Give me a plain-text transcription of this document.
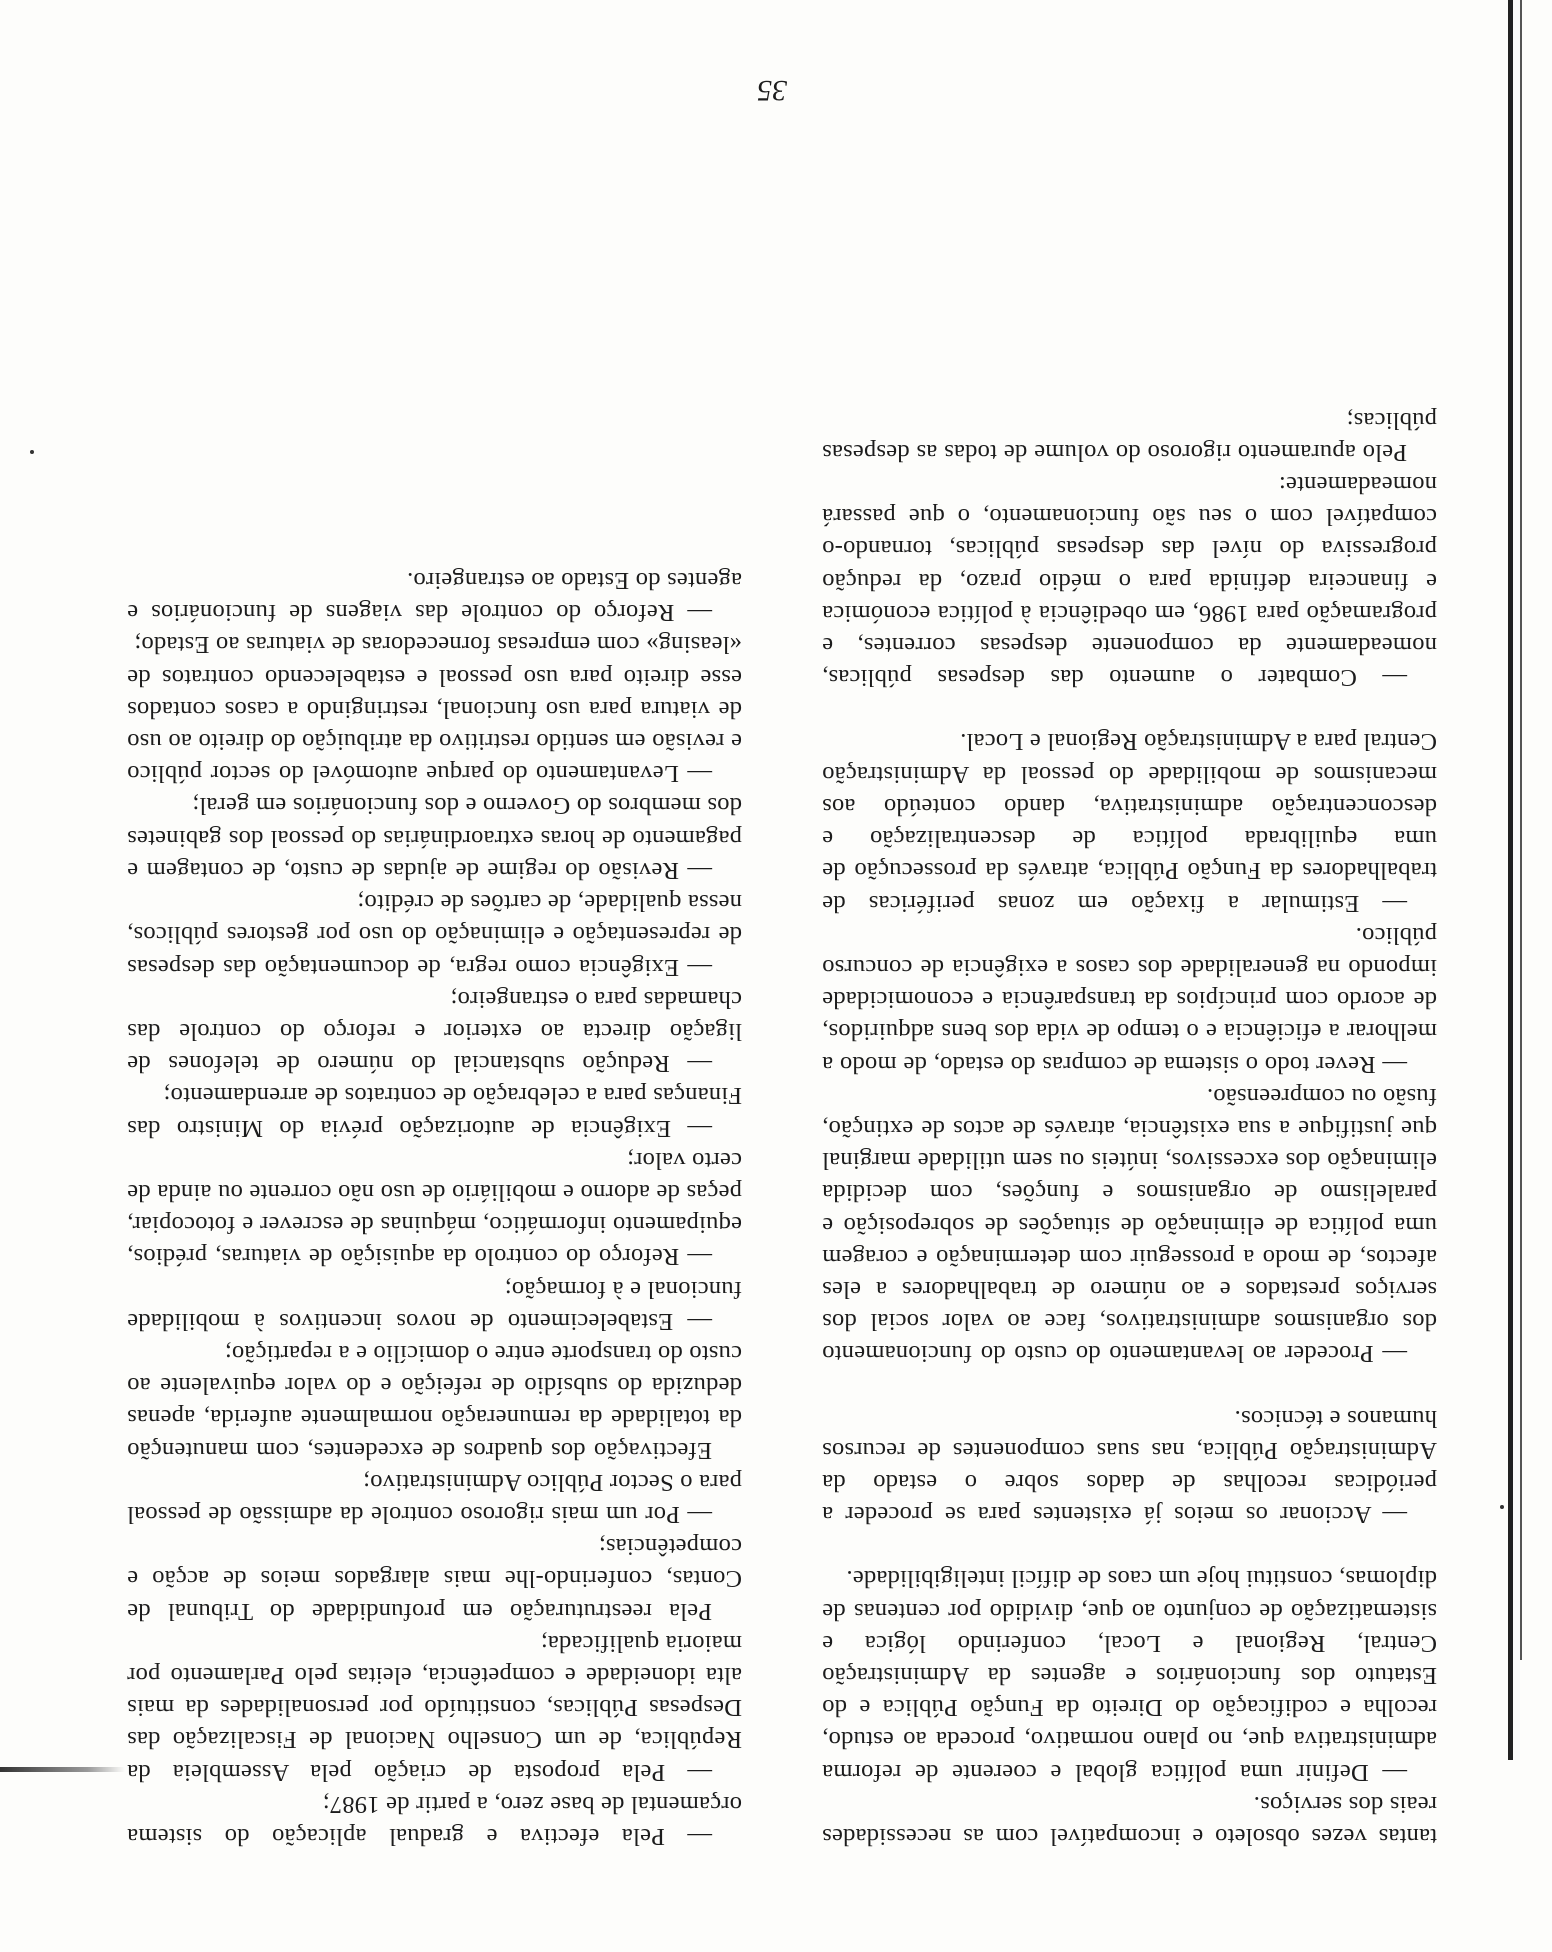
35

tantas vezes obsoleto e incompatível com as necessidades reais dos serviços.

— Definir uma política global e coerente de reforma administrativa que, no plano normativo, proceda ao estudo, recolha e codificação do Direito da Função Pública e do Estatuto dos funcionários e agentes da Administração Central, Regional e Local, conferindo lógica e sistematização de conjunto ao que, dividido por centenas de diplomas, constitui hoje um caos de difícil inteligibilidade.

— Accionar os meios já existentes para se proceder a periódicas recolhas de dados sobre o estado da Administração Pública, nas suas componentes de recursos humanos e técnicos.

— Proceder ao levantamento do custo do funcionamento dos organismos administrativos, face ao valor social dos serviços prestados e ao número de trabalhadores a eles afectos, de modo a prosseguir com determinação e coragem uma política de eliminação de situações de sobreposição e paralelismo de organismos e funções, com decidida eliminação dos excessivos, inúteis ou sem utilidade marginal que justifique a sua existência, através de actos de extinção, fusão ou compreensão.

— Rever todo o sistema de compras do estado, de modo a melhorar a eficiência e o tempo de vida dos bens adquiridos, de acordo com princípios da transparência e economicidade impondo na generalidade dos casos a exigência de concurso público.

— Estimular a fixação em zonas periféricas de trabalhadores da Função Pública, através da prossecução de uma equilibrada política de descentralização e desconcentração administrativa, dando conteúdo aos mecanismos de mobilidade do pessoal da Administração Central para a Administração Regional e Local.

— Combater o aumento das despesas públicas, nomeadamente da componente despesas correntes, e programação para 1986, em obediência à política económica e financeira definida para o médio prazo, da redução progressiva do nível das despesas públicas, tornando-o compatível com o seu são funcionamento, o que passará nomeadamente:

Pelo apuramento rigoroso do volume de todas as despesas públicas;

— Pela efectiva e gradual aplicação do sistema orçamental de base zero, a partir de 1987;

— Pela proposta de criação pela Assembleia da República, de um Conselho Nacional de Fiscalização das Despesas Públicas, constituído por personalidades da mais alta idoneidade e competência, eleitas pelo Parlamento por maioria qualificada;

Pela reestruturação em profundidade do Tribunal de Contas, conferindo-lhe mais alargados meios de acção e competências;

— Por um mais rigoroso controle da admissão de pessoal para o Sector Público Administrativo;

Efectivação dos quadros de excedentes, com manutenção da totalidade da remuneração normalmente auferida, apenas deduzida do subsídio de refeição e do valor equivalente ao custo do transporte entre o domicílio e a repartição;

— Estabelecimento de novos incentivos à mobilidade funcional e à formação;

— Reforço do controlo da aquisição de viaturas, prédios, equipamento informático, máquinas de escrever e fotocopiar, peças de adorno e mobiliário de uso não corrente ou ainda de certo valor;

— Exigência de autorização prévia do Ministro das Finanças para a celebração de contratos de arrendamento;

— Redução substancial do número de telefones de ligação directa ao exterior e reforço do controle das chamadas para o estrangeiro;

— Exigência como regra, de documentação das despesas de representação e eliminação do uso por gestores públicos, nessa qualidade, de cartões de crédito;

— Revisão do regime de ajudas de custo, de contagem e pagamento de horas extraordinárias do pessoal dos gabinetes dos membros do Governo e dos funcionários em geral;

— Levantamento do parque automóvel do sector público e revisão em sentido restritivo da atribuição do direito ao uso de viatura para uso funcional, restringindo a casos contados esse direito para uso pessoal e estabelecendo contratos de «leasing» com empresas fornecedoras de viaturas ao Estado;

— Reforço do controle das viagens de funcionários e agentes do Estado ao estrangeiro.
